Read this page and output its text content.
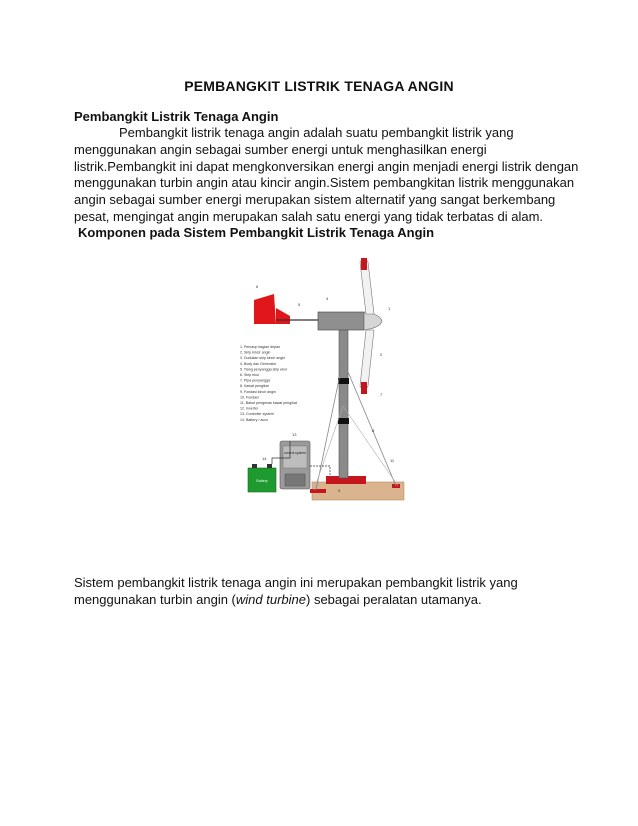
PEMBANGKIT LISTRIK TENAGA ANGIN
Pembangkit Listrik Tenaga Angin
Pembangkit listrik tenaga angin adalah suatu pembangkit listrik yang
menggunakan angin sebagai sumber energi untuk menghasilkan energi
listrik.Pembangkit ini dapat mengkonversikan energi angin menjadi energi listrik dengan
menggunakan turbin angin atau kincir angin.Sistem pembangkitan listrik menggunakan
angin sebagai sumber energi merupakan sistem alternatif yang sangat berkembang
pesat, mengingat angin merupakan salah satu energi yang tidak terbatas di alam.
Komponen pada Sistem Pembangkit Listrik Tenaga Angin
control system
Battery
6
5
4
1
2
7
8
11
9
13
14
1. Penutup bagian depan
2. Sirip kincir angin
3. Dudukan sirip kincir angin
4. Body dan Generator
5. Tiang penyangga sirip ekor
6. Sirip ekor
7. Pipa penyangga
8. Kawat pengikat
9. Fondasi kincir angin
10. Fondasi
11. Bahut pengenas kawat pengikat
12. Inverter
13. Controller system
14. Battery / accu
Sistem pembangkit listrik tenaga angin ini merupakan pembangkit listrik yang
menggunakan turbin angin (wind turbine) sebagai peralatan utamanya.
